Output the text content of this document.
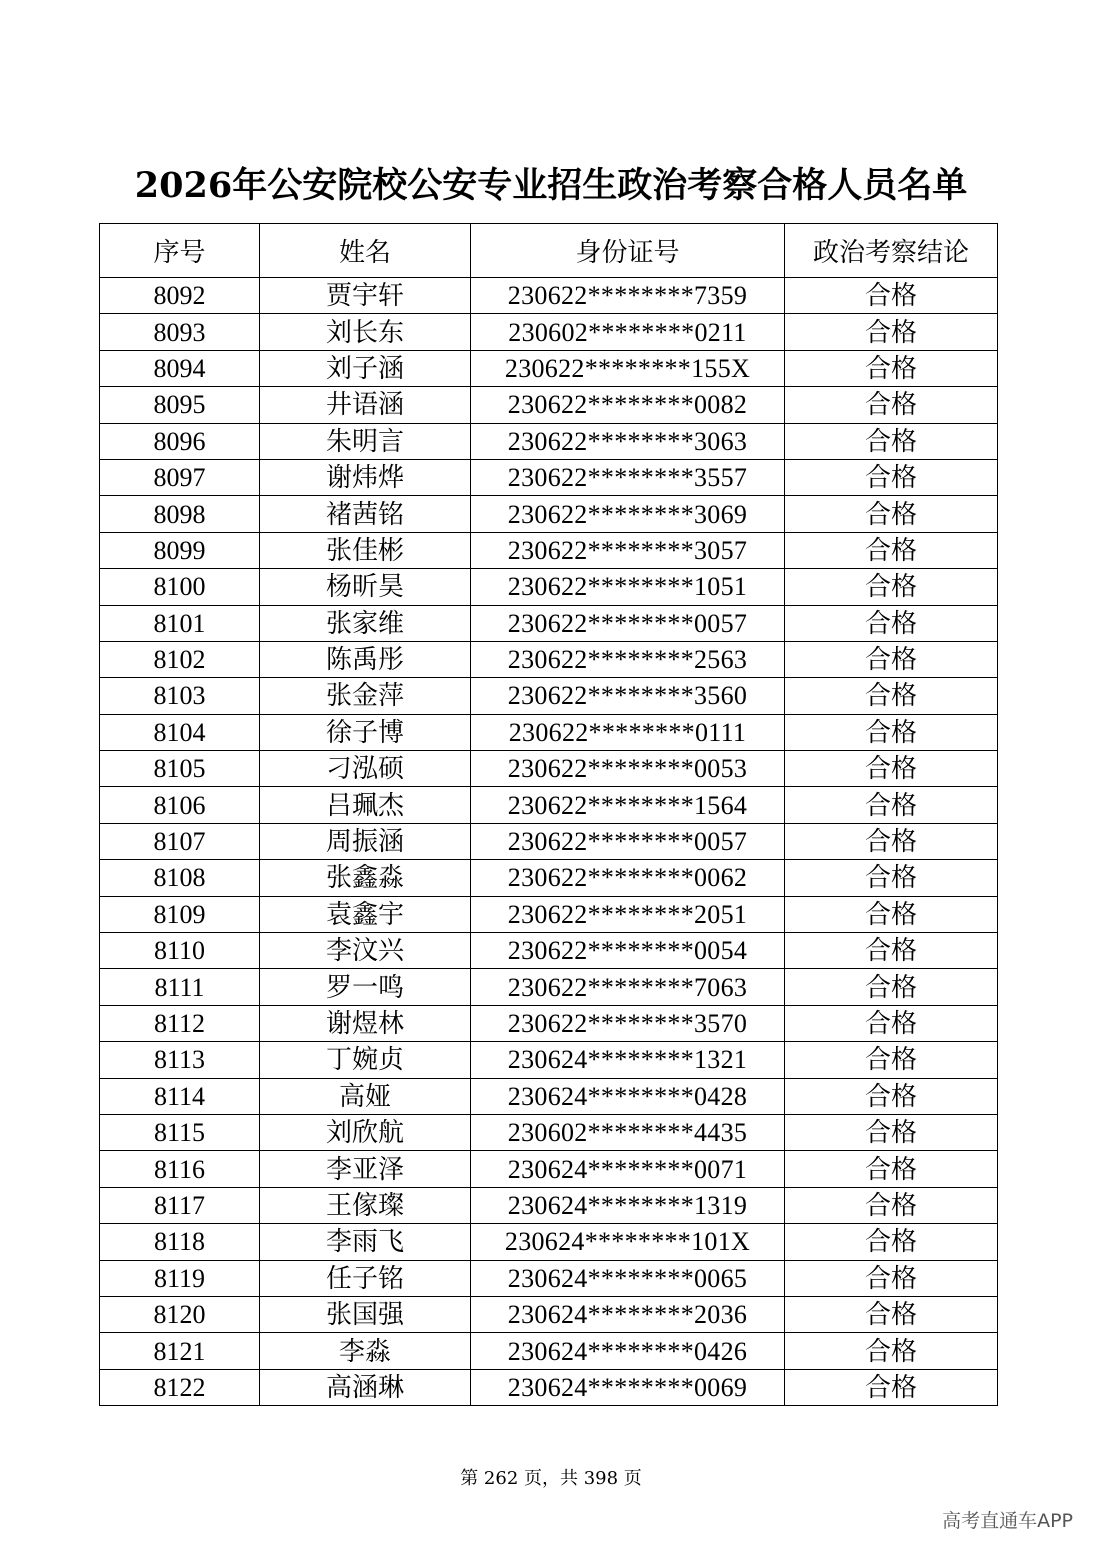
2026年公安院校公安专业招生政治考察合格人员名单
序号	姓名	身份证号	政治考察结论
8092	贾宇轩	230622********7359	合格
8093	刘长东	230602********0211	合格
8094	刘子涵	230622********155X	合格
8095	井语涵	230622********0082	合格
8096	朱明言	230622********3063	合格
8097	谢炜烨	230622********3557	合格
8098	褚茜铭	230622********3069	合格
8099	张佳彬	230622********3057	合格
8100	杨昕昊	230622********1051	合格
8101	张家维	230622********0057	合格
8102	陈禹彤	230622********2563	合格
8103	张金萍	230622********3560	合格
8104	徐子博	230622********0111	合格
8105	刁泓硕	230622********0053	合格
8106	吕珮杰	230622********1564	合格
8107	周振涵	230622********0057	合格
8108	张鑫淼	230622********0062	合格
8109	袁鑫宇	230622********2051	合格
8110	李汶兴	230622********0054	合格
8111	罗一鸣	230622********7063	合格
8112	谢煜林	230622********3570	合格
8113	丁婉贞	230624********1321	合格
8114	高娅	230624********0428	合格
8115	刘欣航	230602********4435	合格
8116	李亚泽	230624********0071	合格
8117	王傢璨	230624********1319	合格
8118	李雨飞	230624********101X	合格
8119	任子铭	230624********0065	合格
8120	张国强	230624********2036	合格
8121	李淼	230624********0426	合格
8122	高涵琳	230624********0069	合格
第 262 页，共 398 页
高考直通车APP
